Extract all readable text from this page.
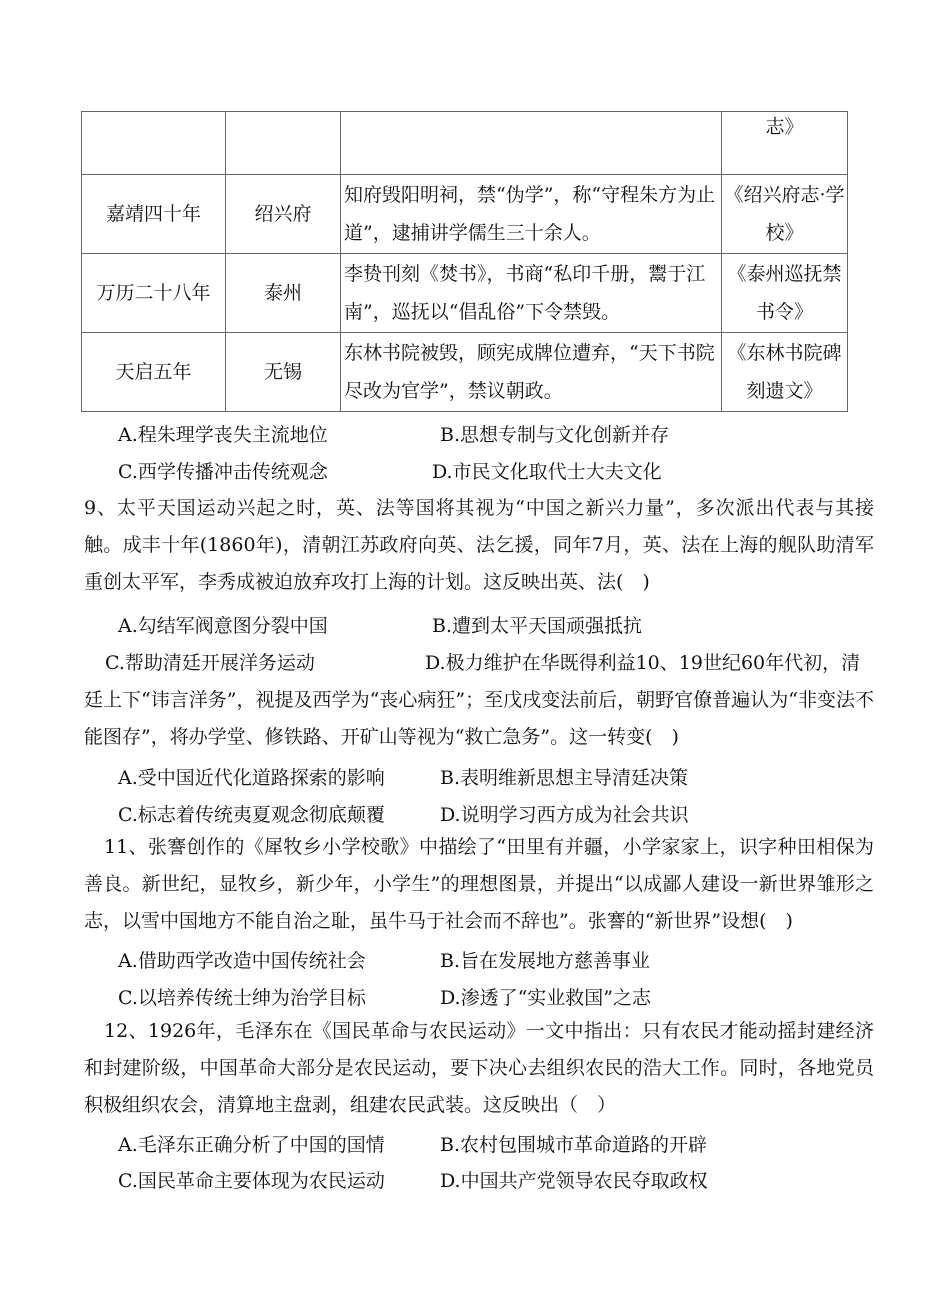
			志》
嘉靖四十年	绍兴府	知府毁阳明祠，禁“伪学”，称“守程朱方为止道”，逮捕讲学儒生三十余人。	《绍兴府志·学校》
万历二十八年	泰州	李贽刊刻《焚书》，书商“私印千册，鬻于江南”，巡抚以“倡乱俗”下令禁毁。	《泰州巡抚禁书令》
天启五年	无锡	东林书院被毁，顾宪成牌位遭弃，“天下书院尽改为官学”，禁议朝政。	《东林书院碑刻遗文》
A.程朱理学丧失主流地位	B.思想专制与文化创新并存
C.西学传播冲击传统观念	D.市民文化取代士大夫文化
9、太平天国运动兴起之时，英、法等国将其视为“中国之新兴力量”，多次派出代表与其接触。成丰十年(1860年)，清朝江苏政府向英、法乞援，同年7月，英、法在上海的舰队助清军重创太平军，李秀成被迫放弃攻打上海的计划。这反映出英、法(　)
A.勾结军阀意图分裂中国	B.遭到太平天国顽强抵抗
C.帮助清廷开展洋务运动	D.极力维护在华既得利益10、19世纪60年代初，清
廷上下“讳言洋务”，视提及西学为“丧心病狂”；至戊戌变法前后，朝野官僚普遍认为“非变法不能图存”，将办学堂、修铁路、开矿山等视为“救亡急务”。这一转变(　)
A.受中国近代化道路探索的影响	B.表明维新思想主导清廷决策
C.标志着传统夷夏观念彻底颠覆	D.说明学习西方成为社会共识
11、张謇创作的《犀牧乡小学校歌》中描绘了“田里有并疆，小学家家上，识字种田相保为善良。新世纪，显牧乡，新少年，小学生”的理想图景，并提出“以成鄙人建设一新世界雏形之志，以雪中国地方不能自治之耻，虽牛马于社会而不辞也”。张謇的“新世界”设想(　)
A.借助西学改造中国传统社会	B.旨在发展地方慈善事业
C.以培养传统士绅为治学目标	D.渗透了“实业救国”之志
12、1926年，毛泽东在《国民革命与农民运动》一文中指出：只有农民才能动摇封建经济和封建阶级，中国革命大部分是农民运动，要下决心去组织农民的浩大工作。同时，各地党员积极组织农会，清算地主盘剥，组建农民武装。这反映出（　）
A.毛泽东正确分析了中国的国情	B.农村包围城市革命道路的开辟
C.国民革命主要体现为农民运动	D.中国共产党领导农民夺取政权
